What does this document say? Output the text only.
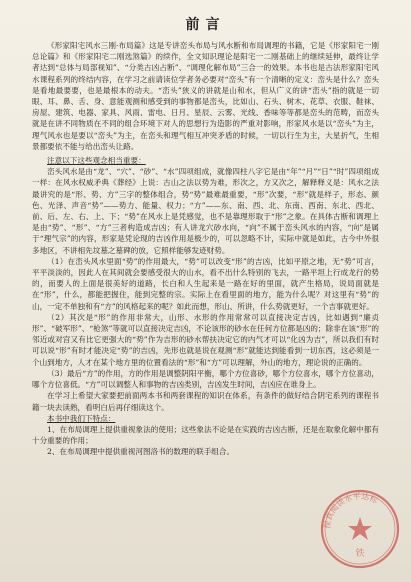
前言

《形家阳宅风水三刚·布局篇》这是专讲峦头布局与风水断和布局调理的书籍，它是《形家阳宅一刚总论篇》和《形家阳宅二刚选煞篇》的续作，全文知识理论是阳宅一二刚基础上的继续延伸，最终让学者达到“总体与局部视知”、“分类古凶占断”、“调理化解布局”三合一的效果。本书也是古法形家阳宅风水课程系列的终结内容，在学习之前请读位学者务必要对“峦头”有一个清晰的定义：峦头是什么？峦头是看地最要要，也是最根本的动夫。“峦头”狭义的讲就是山和水，但从广义的讲“峦头”指的就是一切眼、耳、鼻、舌、身、意能观测和感受到的事物都是峦头，比如山、石头、树木、花草、衣服、鞋袜、房屋、建筑、电器、家具、风雨、雷电、日月、星辰、云雾、光线、香味等等都是峦头的范畴，而峦头就是在讲不同物质在不同的组合环境下对人的思想行为造影的严重对影响，形家风水是以“峦头”为主，理气风水也是要以“峦头”为主，在峦头和理气相互冲突矛盾的时候，一切以行生为主，大星折气，生相景都要依不能与给出峦头让路。

注意以下这些观念相当重要：

峦头风水是由“龙”、“穴”、“砂”、“水”四项组成，就像四柱八字它是由“年”“月”“日”“时”四项组成一样：在风水权威矛典《葬经》上说：古山之法以势为难，形次之，方又次之，解释释义是：风水之法最讲究的是“形、势、方”三字的整体组合，势“势”最难最重要，“形”次要，“形”就是样子，形态、颜色、光泽、声音“势”——势力、能量、权力；“方”——东、南、西、北、东南、西南、东北、西北、前、后、左、右、上、下；“势”在风水上是凭感觉，也不是靠理形取于“形”之象。在具体古断和调理上是由“势”、“形”、“方”三者构造成吉凶；有人讲龙穴砂水向，“向”不属于峦头风水的内容，“向”是属于“理气宗”的内容，形家是凭论现的吉凶作用是极少的，可以忽略不计，实际中就是如此，古今中外很多地区，不讲相先坟墓之墓碑的放，它照样能够发迹财势。

（1）在峦头风水里面“势”的作用最大，“势”可以改变“形”的吉凶，比如平原之地，无“势”可言，平平淡淡的，因此人在其间就会要感受很大的山水，看不出什么特别的飞去，一路平坦上行成龙行的势的，而要人的上面是很美好的道路，长白和人生起来是一路在好的里面，就产生格局，说局面就是在“形”，什么，都能把握住，能到完整的宗。实际上在看里面的地方，能为什么呢？对这里有“势”的山，一定不单独和有“方”的风格起来的呢？如此而想，形山、所讲，什么势就更好，一个吉事就更好。

（2）其次是“形”的作用非常大，山形、水形的作用常常可以直接决定吉凶，比如遇到“廉贞形”、“破军形”、“枪煞”等就可以直接决定吉凶，不论该形的砂水在任何方位都是凶的；除非在该“形”的邻近或对宫又有比它更强大的“势”作为吉形的砂水帮扶决定它的内气才可以“化凶为吉”，所以我们有时可以说“形”有时才能决定“势”的吉凶，先形也就是说在观测“形”就能达到能看到一切东西，这必须是一个山到地方，人才在某个地方里的位置看法的“形”和“方”可以理解，外山的地方，理论说的正确的。

（3）最后“方”的作用，方的作用是调整阴阳平衡，哪个方位喜砂，哪个方位喜水，哪个方位喜动，哪个方位喜低。“方”可以调整人和事物的吉凶类别，吉凶发生时间，吉凶应在谁身上。

在学习上希望大家要把前面两本书和两套课程的知识在体系，有条件的做好结合阴宅系列的课程书籍一块去读熟，看明白后再仔细读这个。

本书中我们下特点：

1、在布局调理上提供重视象法的使用；这些象法不论是在实践的吉凶古断，还是在取象化解中都有十分重要的作用；

2、在布局调理中提供重视河图洛书的数理的联手组合。

保真阅读水平达标
铁
